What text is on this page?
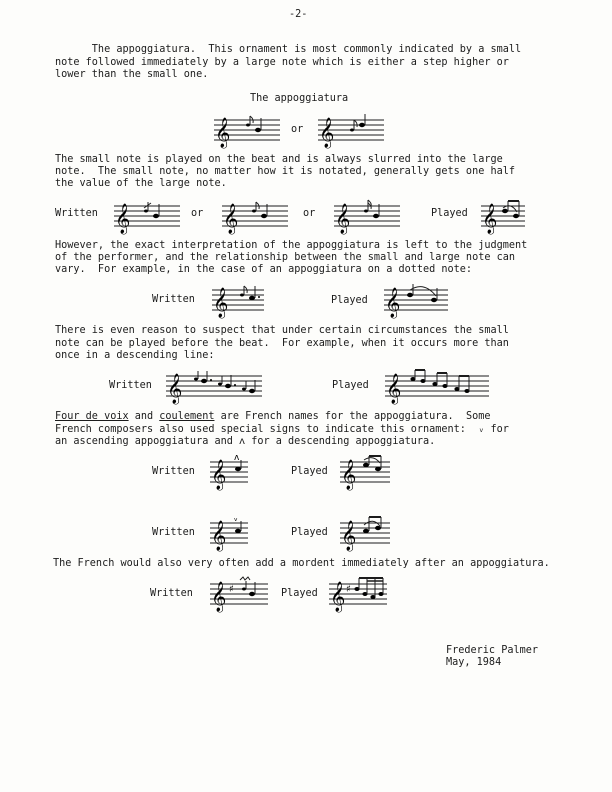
-2-

The appoggiatura.  This ornament is most commonly indicated by a small

note followed immediately by a large note which is either a step higher or

lower than the small one.

The appoggiatura
𝄞	or 𝄞

The small note is played on the beat and is always slurred into the large

note.  The small note, no matter how it is notated, generally gets one half

the value of the large note.

Written 𝄞	or 𝄞	or 𝄞	Played 𝄞

However, the exact interpretation of the appoggiatura is left to the judgment

of the performer, and the relationship between the small and large note can

vary.  For example, in the case of an appoggiatura on a dotted note:

Written 𝄞	Played 𝄞

There is even reason to suspect that under certain circumstances the small

note can be played before the beat.  For example, when it occurs more than

once in a descending line:

Written 𝄞	Played 𝄞

Four de voix and coulement are French names for the appoggiatura.  Some

French composers also used special signs to indicate this ornament:  ᵥ for

an ascending appoggiatura and ᴧ for a descending appoggiatura.

Written 𝄞
ᴧ
Played 𝄞
Written 𝄞
ᵥ
Played 𝄞

The French would also very often add a mordent immediately after an appoggiatura.

Written 𝄞 ♯	Played 𝄞 ♯
Frederic Palmer
May, 1984
